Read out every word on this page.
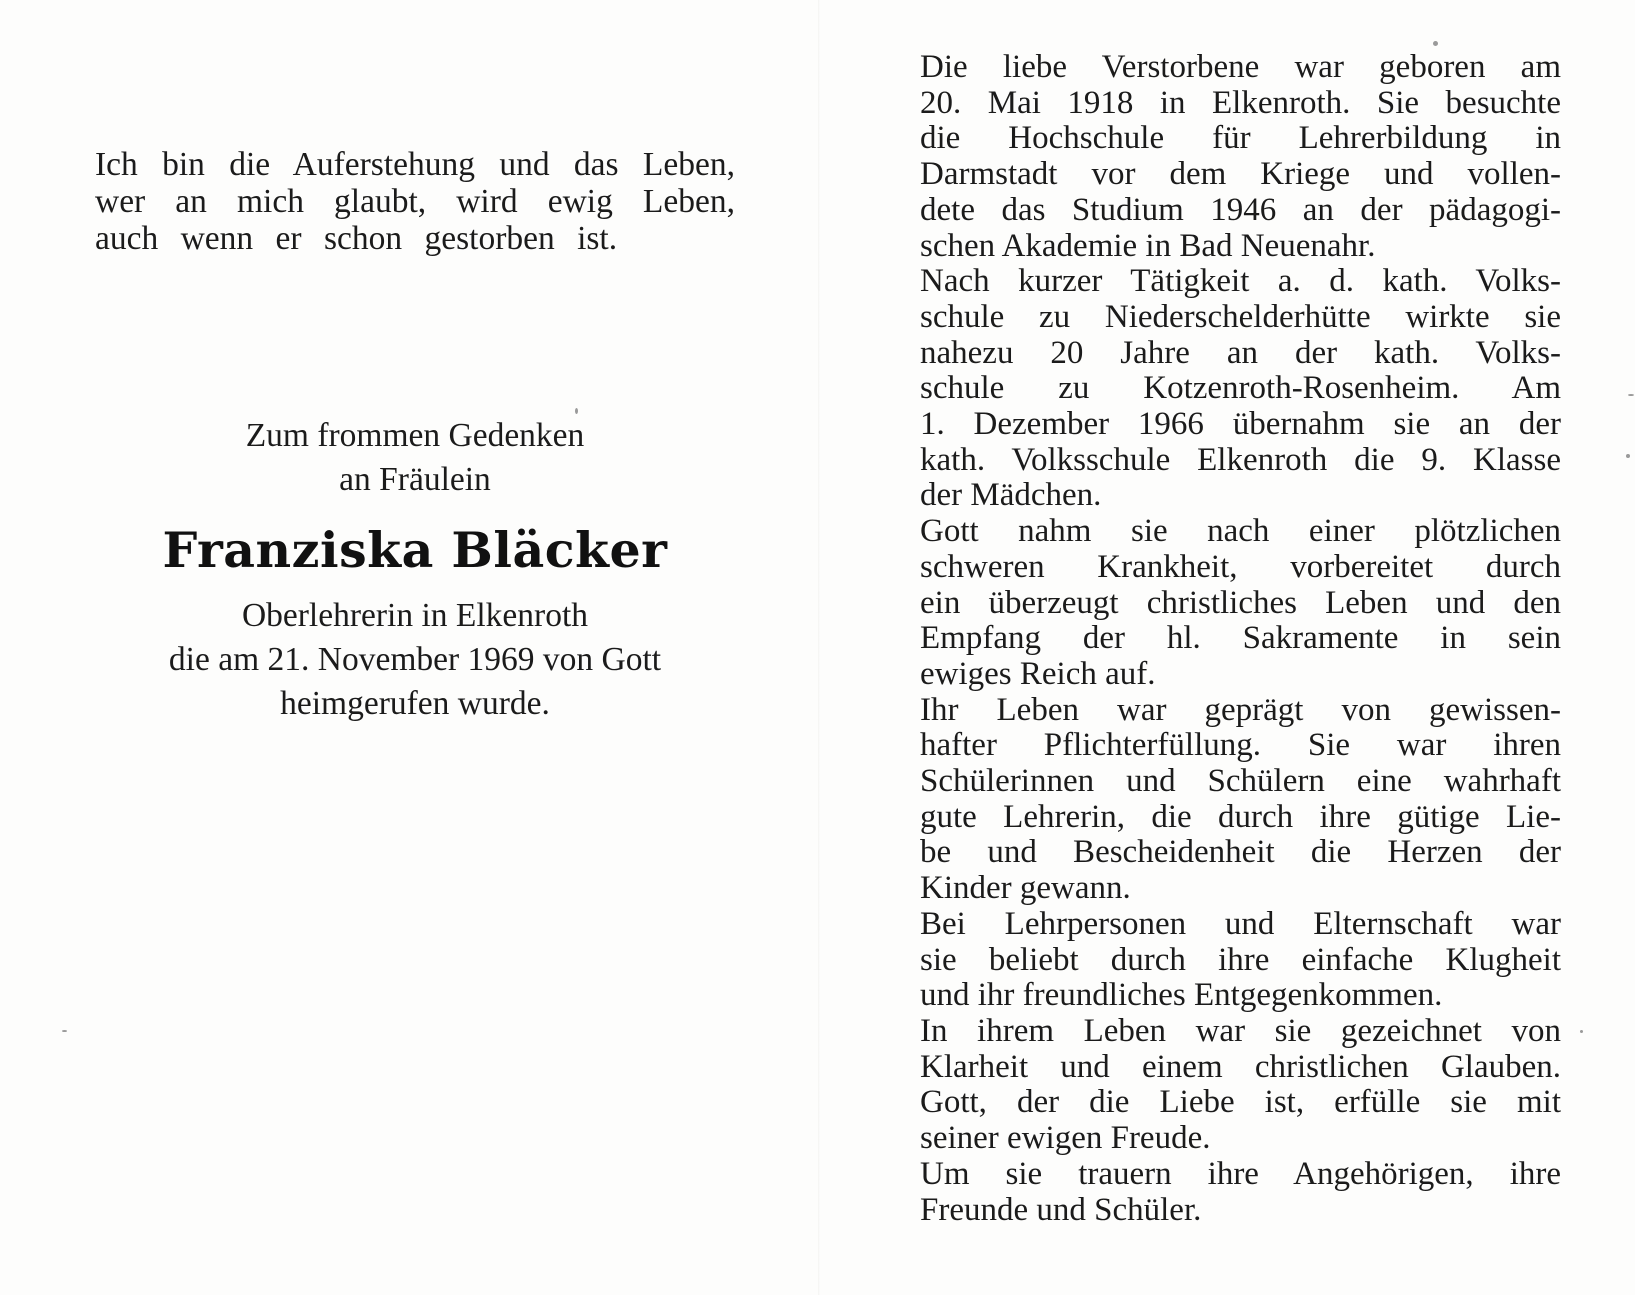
Ich bin die Auferstehung und das Leben,
wer an mich glaubt, wird ewig Leben,
auch wenn er schon gestorben ist.

Zum frommen Gedenken
an Fräulein

Franziska Bläcker

Oberlehrerin in Elkenroth
die am 21. November 1969 von Gott
heimgerufen wurde.

Die liebe Verstorbene war geboren am
20. Mai 1918 in Elkenroth. Sie besuchte
die Hochschule für Lehrerbildung in
Darmstadt vor dem Kriege und vollen-
dete das Studium 1946 an der pädagogi-
schen Akademie in Bad Neuenahr.
Nach kurzer Tätigkeit a. d. kath. Volks-
schule zu Niederschelderhütte wirkte sie
nahezu 20 Jahre an der kath. Volks-
schule zu Kotzenroth-Rosenheim. Am
1. Dezember 1966 übernahm sie an der
kath. Volksschule Elkenroth die 9. Klasse
der Mädchen.
Gott nahm sie nach einer plötzlichen
schweren Krankheit, vorbereitet durch
ein überzeugt christliches Leben und den
Empfang der hl. Sakramente in sein
ewiges Reich auf.
Ihr Leben war geprägt von gewissen-
hafter Pflichterfüllung. Sie war ihren
Schülerinnen und Schülern eine wahrhaft
gute Lehrerin, die durch ihre gütige Lie-
be und Bescheidenheit die Herzen der
Kinder gewann.
Bei Lehrpersonen und Elternschaft war
sie beliebt durch ihre einfache Klugheit
und ihr freundliches Entgegenkommen.
In ihrem Leben war sie gezeichnet von
Klarheit und einem christlichen Glauben.
Gott, der die Liebe ist, erfülle sie mit
seiner ewigen Freude.
Um sie trauern ihre Angehörigen, ihre
Freunde und Schüler.
